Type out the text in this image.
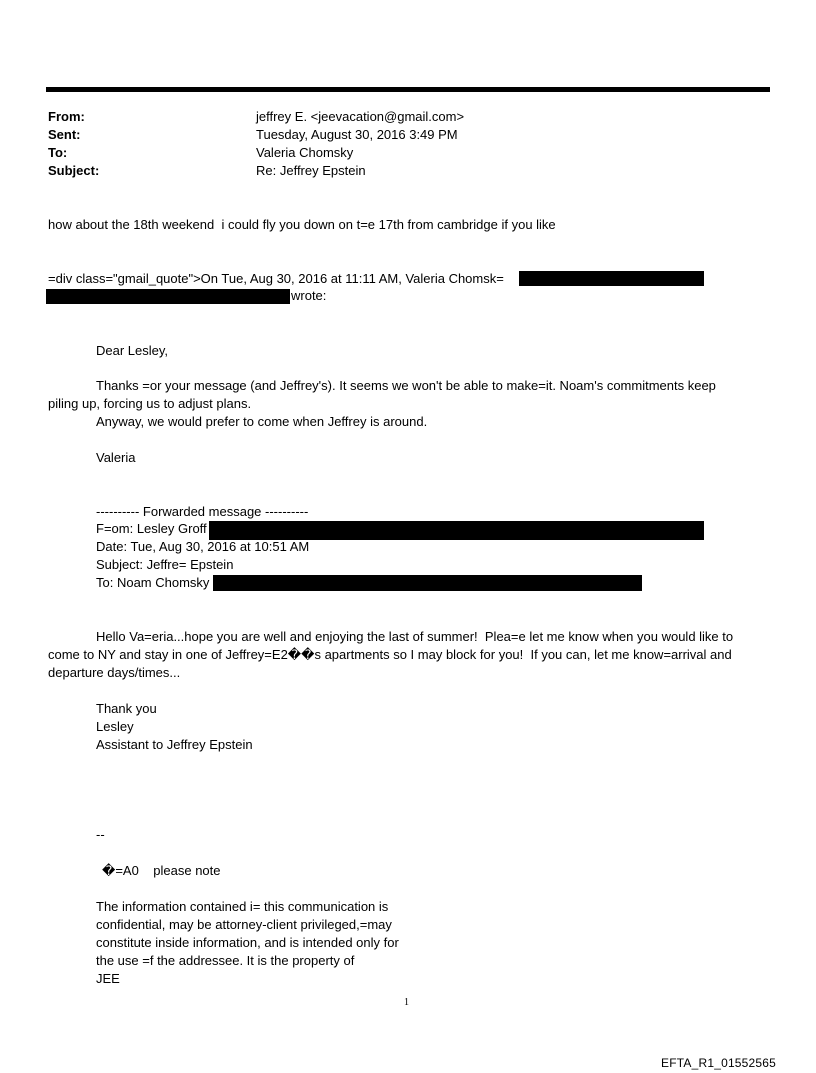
From:	jeffrey E. <jeevacation@gmail.com>
Sent:	Tuesday, August 30, 2016 3:49 PM
To:	Valeria Chomsky
Subject:	Re: Jeffrey Epstein
how about the 18th weekend  i could fly you down on t=e 17th from cambridge if you like
=div class="gmail_quote">On Tue, Aug 30, 2016 at 11:11 AM, Valeria Chomsk=
wrote:
Dear Lesley,
Thanks =or your message (and Jeffrey's). It seems we won't be able to make=it. Noam's commitments keep
piling up, forcing us to adjust plans.
Anyway, we would prefer to come when Jeffrey is around.
Valeria
---------- Forwarded message ----------
F=om: Lesley Groff
Date: Tue, Aug 30, 2016 at 10:51 AM
Subject: Jeffre= Epstein
To: Noam Chomsky
Hello Va=eria...hope you are well and enjoying the last of summer!  Plea=e let me know when you would like to
come to NY and stay in one of Jeffrey=E2��s apartments so I may block for you!  If you can, let me know=arrival and
departure days/times...
Thank you
Lesley
Assistant to Jeffrey Epstein
--
�=A0    please note
The information contained i= this communication is
confidential, may be attorney-client privileged,=may
constitute inside information, and is intended only for
the use =f the addressee. It is the property of
JEE
1
EFTA_R1_01552565
